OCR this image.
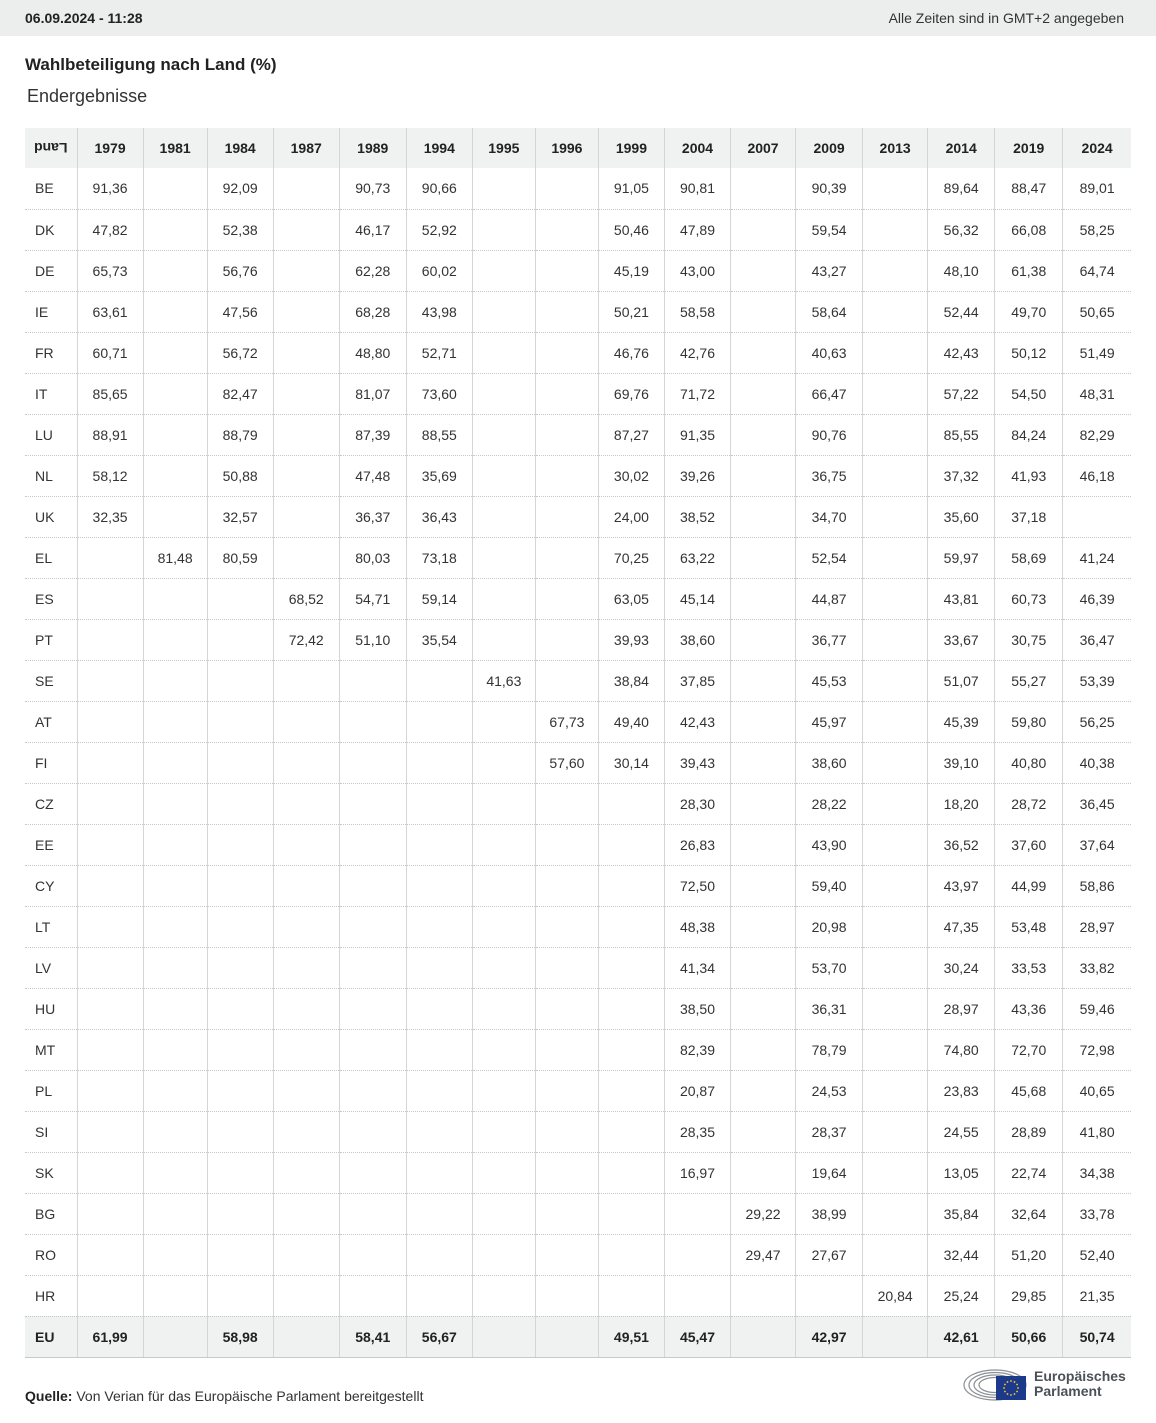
06.09.2024 - 11:28	Alle Zeiten sind in GMT+2 angegeben
Wahlbeteiligung nach Land (%)
Endergebnisse
Land	1979	1981	1984	1987	1989	1994	1995	1996	1999	2004	2007	2009	2013	2014	2019	2024
BE	91,36		92,09		90,73	90,66			91,05	90,81		90,39		89,64	88,47	89,01
DK	47,82		52,38		46,17	52,92			50,46	47,89		59,54		56,32	66,08	58,25
DE	65,73		56,76		62,28	60,02			45,19	43,00		43,27		48,10	61,38	64,74
IE	63,61		47,56		68,28	43,98			50,21	58,58		58,64		52,44	49,70	50,65
FR	60,71		56,72		48,80	52,71			46,76	42,76		40,63		42,43	50,12	51,49
IT	85,65		82,47		81,07	73,60			69,76	71,72		66,47		57,22	54,50	48,31
LU	88,91		88,79		87,39	88,55			87,27	91,35		90,76		85,55	84,24	82,29
NL	58,12		50,88		47,48	35,69			30,02	39,26		36,75		37,32	41,93	46,18
UK	32,35		32,57		36,37	36,43			24,00	38,52		34,70		35,60	37,18	
EL		81,48	80,59		80,03	73,18			70,25	63,22		52,54		59,97	58,69	41,24
ES				68,52	54,71	59,14			63,05	45,14		44,87		43,81	60,73	46,39
PT				72,42	51,10	35,54			39,93	38,60		36,77		33,67	30,75	36,47
SE							41,63		38,84	37,85		45,53		51,07	55,27	53,39
AT								67,73	49,40	42,43		45,97		45,39	59,80	56,25
FI								57,60	30,14	39,43		38,60		39,10	40,80	40,38
CZ										28,30		28,22		18,20	28,72	36,45
EE										26,83		43,90		36,52	37,60	37,64
CY										72,50		59,40		43,97	44,99	58,86
LT										48,38		20,98		47,35	53,48	28,97
LV										41,34		53,70		30,24	33,53	33,82
HU										38,50		36,31		28,97	43,36	59,46
MT										82,39		78,79		74,80	72,70	72,98
PL										20,87		24,53		23,83	45,68	40,65
SI										28,35		28,37		24,55	28,89	41,80
SK										16,97		19,64		13,05	22,74	34,38
BG											29,22	38,99		35,84	32,64	33,78
RO											29,47	27,67		32,44	51,20	52,40
HR													20,84	25,24	29,85	21,35
EU	61,99		58,98		58,41	56,67			49,51	45,47		42,97		42,61	50,66	50,74
Quelle: Von Verian für das Europäische Parlament bereitgestellt
Europäisches
Parlament
